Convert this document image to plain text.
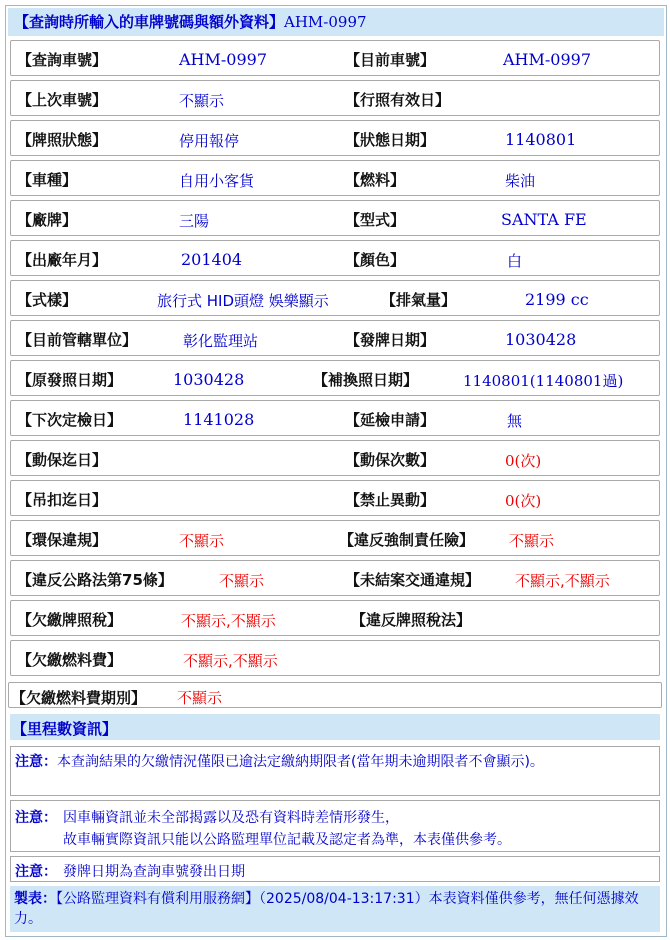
【查詢時所輸入的車牌號碼與額外資料】AHM-0997
【查詢車號】	AHM-0997	【目前車號】	AHM-0997
【上次車號】	不顯示	【行照有效日】
【牌照狀態】	停用報停	【狀態日期】	1140801
【車種】	自用小客貨	【燃料】	柴油
【廠牌】	三陽	【型式】	SANTA FE
【出廠年月】	201404	【顏色】	白
【式樣】	旅行式 HID頭燈 娛樂顯示	【排氣量】	2199 cc
【目前管轄單位】	彰化監理站	【發牌日期】	1030428
【原發照日期】	1030428	【補換照日期】	1140801(1140801過)
【下次定檢日】	1141028	【延檢申請】	無
【動保迄日】	【動保次數】	0(次)
【吊扣迄日】	【禁止異動】	0(次)
【環保違規】	不顯示	【違反強制責任險】 不顯示
【違反公路法第75條】	不顯示	【未結案交通違規】 不顯示,不顯示
【欠繳牌照稅】	不顯示,不顯示	【違反牌照稅法】
【欠繳燃料費】	不顯示,不顯示
【欠繳燃料費期別】 不顯示
【里程數資訊】
注意：本查詢結果的欠繳情況僅限已逾法定繳納期限者(當年期未逾期限者不會顯示)。
注意： 因車輛資訊並未全部揭露以及恐有資料時差情形發生，
故車輛實際資訊只能以公路監理單位記載及認定者為準，本表僅供參考。
注意： 發牌日期為查詢車號發出日期
製表：【公路監理資料有償利用服務網】（2025/08/04-13:17:31）本表資料僅供參考，無任何憑據效力。
